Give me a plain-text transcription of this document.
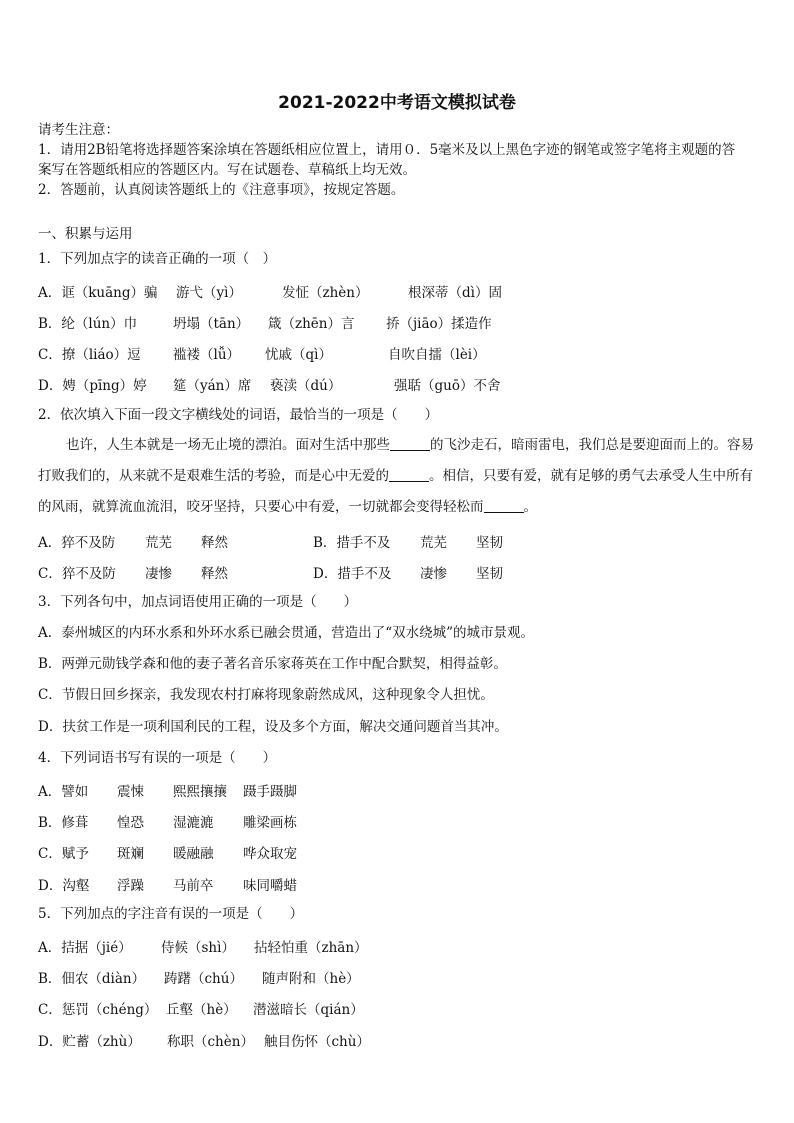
2021-2022中考语文模拟试卷
请考生注意：
1．请用2B铅笔将选择题答案涂填在答题纸相应位置上，请用０．5毫米及以上黑色字迹的钢笔或签字笔将主观题的答
案写在答题纸相应的答题区内。写在试题卷、草稿纸上均无效。
2．答题前，认真阅读答题纸上的《注意事项》，按规定答题。
一、积累与运用
1．下列加点字的读音正确的一项（　）
A．诓（kuāng）骗 游弋（yì）	发怔（zhèn）	根深蒂（dì）固
B．纶（lún）巾	坍塌（tān） 箴（zhēn）言 挢（jiāo）揉造作
C．撩（liáo）逗 褴褛（lǚ） 忧戚（qì）	自吹自擂（lèi）
D．娉（pīng）婷 筵（yán）席 亵渎（dú）	强聒（guō）不舍
2．依次填入下面一段文字横线处的词语，最恰当的一项是（　　）
也许，人生本就是一场无止境的漂泊。面对生活中那些	的飞沙走石，暗雨雷电，我们总是要迎面而上的。容易打败我们的，从来就不是艰难生活的考验，而是心中无爱的	。相信，只要有爱，就有足够的勇气去承受人生中所有的风雨，就算流血流泪，咬牙坚持，只要心中有爱，一切就都会变得轻松而	。
A．猝不及防 荒芜 释然	B．措手不及 荒芜 坚韧
C．猝不及防 凄惨 释然	D．措手不及 凄惨 坚韧
3．下列各句中，加点词语使用正确的一项是（　　）
A．泰州城区的内环水系和外环水系已融会贯通，营造出了“双水绕城”的城市景观。
B．两弹元勋钱学森和他的妻子著名音乐家蒋英在工作中配合默契，相得益彰。
C．节假日回乡探亲，我发现农村打麻将现象蔚然成风，这种现象令人担忧。
D．扶贫工作是一项利国利民的工程，设及多个方面，解决交通问题首当其冲。
4．下列词语书写有误的一项是（　　）
A．譬如 震悚 熙熙攘攘 蹑手蹑脚
B．修葺 惶恐 湿漉漉 雕梁画栋
C．赋予 斑斓 暖融融 哗众取宠
D．沟壑 浮躁 马前卒 味同嚼蜡
5．下列加点的字注音有误的一项是（　　）
A．拮据（jié） 侍候（shì） 拈轻怕重（zhān）
B．佃农（diàn） 踌躇（chú） 随声附和（hè）
C．惩罚（chéng） 丘壑（hè） 潜滋暗长（qián）
D．贮蓄（zhù） 称职（chèn） 触目伤怀（chù）
